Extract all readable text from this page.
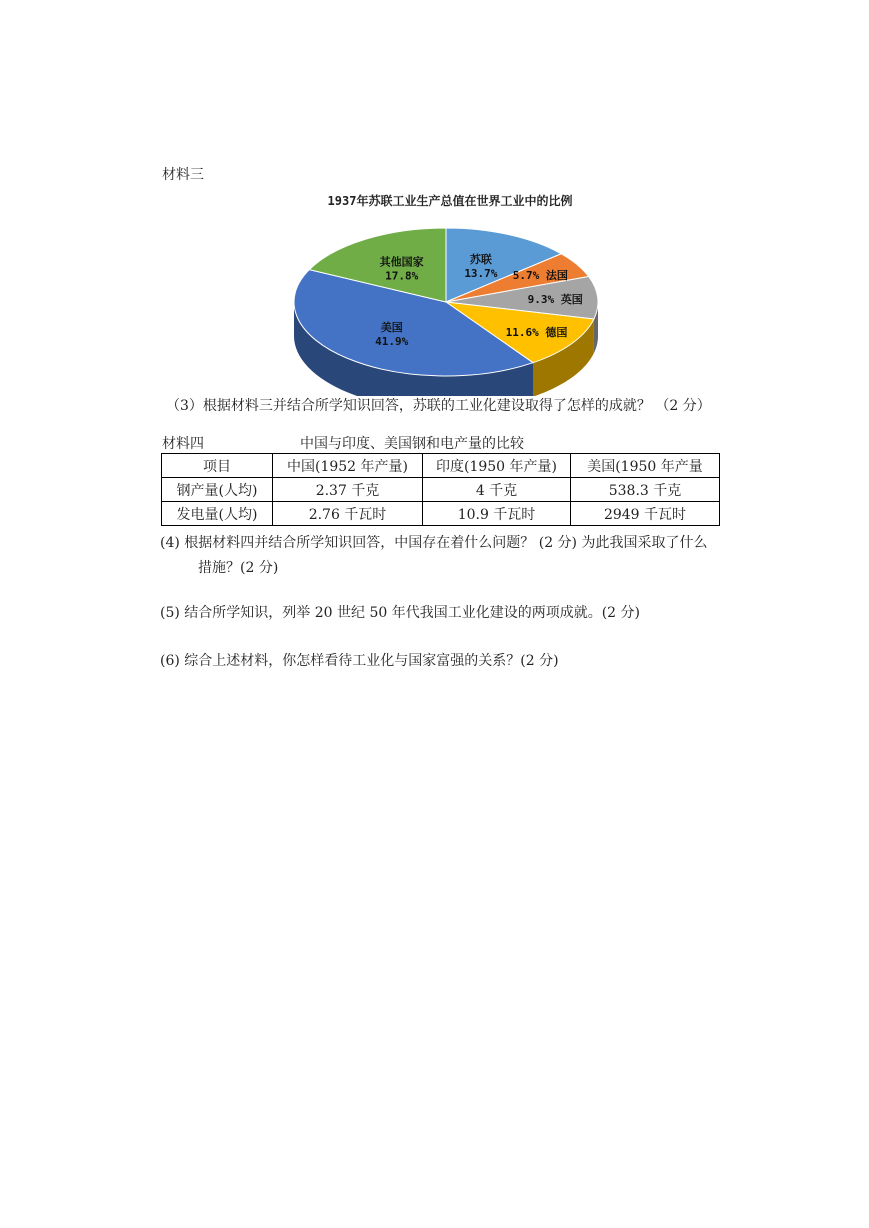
材料三
1937年苏联工业生产总值在世界工业中的比例
苏联
13.7% 5.7% 法国
9.3% 英国
11.6% 德国
美国
41.9%
其他国家
17.8%
（3）根据材料三并结合所学知识回答，苏联的工业化建设取得了怎样的成就？ （2 分）
材料四	中国与印度、美国钢和电产量的比较
项目	中国(1952 年产量)	印度(1950 年产量)	美国(1950 年产量
钢产量(人均)	2.37 千克	4 千克	538.3 千克
发电量(人均)	2.76 千瓦时	10.9 千瓦时	2949 千瓦时
(4) 根据材料四并结合所学知识回答，中国存在着什么问题？ (2 分) 为此我国采取了什么
措施？(2 分)
(5) 结合所学知识，列举 20 世纪 50 年代我国工业化建设的两项成就。(2 分)
(6) 综合上述材料，你怎样看待工业化与国家富强的关系？(2 分)
